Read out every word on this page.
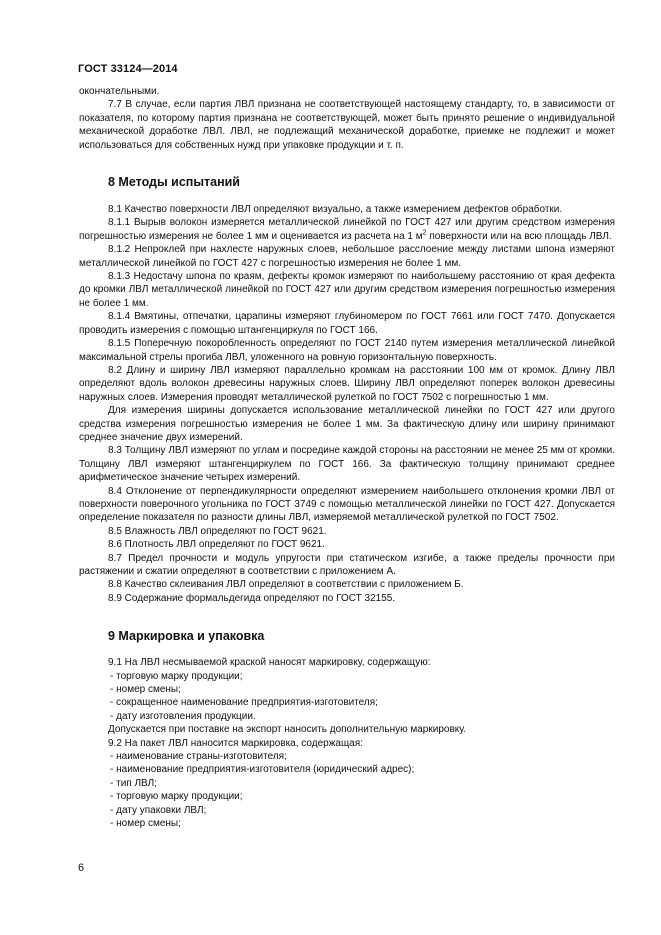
ГОСТ 33124—2014

окончательными.

7.7 В случае, если партия ЛВЛ признана не соответствующей настоящему стандарту, то, в зависимости от показателя, по которому партия признана не соответствующей, может быть принято решение о индивидуальной механической доработке ЛВЛ. ЛВЛ, не подлежащий механической доработке, приемке не подлежит и может использоваться для собственных нужд при упаковке продукции и т. п.

8 Методы испытаний

8.1 Качество поверхности ЛВЛ определяют визуально, а также измерением дефектов обработки.

8.1.1 Вырыв волокон измеряется металлической линейкой по ГОСТ 427 или другим средством измерения погрешностью измерения не более 1 мм и оценивается из расчета на 1 $м^2$ поверхности или на всю площадь ЛВЛ.

8.1.2 Непроклей при нахлесте наружных слоев, небольшое расслоение между листами шпона измеряют металлической линейкой по ГОСТ 427 с погрешностью измерения не более 1 мм.

8.1.3 Недостачу шпона по краям, дефекты кромок измеряют по наибольшему расстоянию от края дефекта до кромки ЛВЛ металлической линейкой по ГОСТ 427 или другим средством измерения погрешностью измерения не более 1 мм.

8.1.4 Вмятины, отпечатки, царапины измеряют глубиномером по ГОСТ 7661 или ГОСТ 7470. Допускается проводить измерения с помощью штангенциркуля по ГОСТ 166.

8.1.5 Поперечную покоробленность определяют по ГОСТ 2140 путем измерения металлической линейкой максимальной стрелы прогиба ЛВЛ, уложенного на ровную горизонтальную поверхность.

8.2 Длину и ширину ЛВЛ измеряют параллельно кромкам на расстоянии 100 мм от кромок. Длину ЛВЛ определяют вдоль волокон древесины наружных слоев. Ширину ЛВЛ определяют поперек волокон древесины наружных слоев. Измерения проводят металлической рулеткой по ГОСТ 7502 с погрешностью 1 мм.

Для измерения ширины допускается использование металлической линейки по ГОСТ 427 или другого средства измерения погрешностью измерения не более 1 мм. За фактическую длину или ширину принимают среднее значение двух измерений.

8.3 Толщину ЛВЛ измеряют по углам и посредине каждой стороны на расстоянии не менее 25 мм от кромки. Толщину ЛВЛ измеряют штангенциркулем по ГОСТ 166. За фактическую толщину принимают среднее арифметическое значение четырех измерений.

8.4 Отклонение от перпендикулярности определяют измерением наибольшего отклонения кромки ЛВЛ от поверхности поверочного угольника по ГОСТ 3749 с помощью металлической линейки по ГОСТ 427. Допускается определение показателя по разности длины ЛВЛ, измеряемой металлической рулеткой по ГОСТ 7502.

8.5 Влажность ЛВЛ определяют по ГОСТ 9621.

8.6 Плотность ЛВЛ определяют по ГОСТ 9621.

8.7 Предел прочности и модуль упругости при статическом изгибе, а также пределы прочности при растяжении и сжатии определяют в соответствии с приложением А.

8.8 Качество склеивания ЛВЛ определяют в соответствии с приложением Б.

8.9 Содержание формальдегида определяют по ГОСТ 32155.

9 Маркировка и упаковка

9.1 На ЛВЛ несмываемой краской наносят маркировку, содержащую:

- торговую марку продукции;

- номер смены;

- сокращенное наименование предприятия-изготовителя;

- дату изготовления продукции.

Допускается при поставке на экспорт наносить дополнительную маркировку.

9.2 На пакет ЛВЛ наносится маркировка, содержащая:

- наименование страны-изготовителя;

- наименование предприятия-изготовителя (юридический адрес);

- тип ЛВЛ;

- торговую марку продукции;

- дату упаковки ЛВЛ;

- номер смены;

6
